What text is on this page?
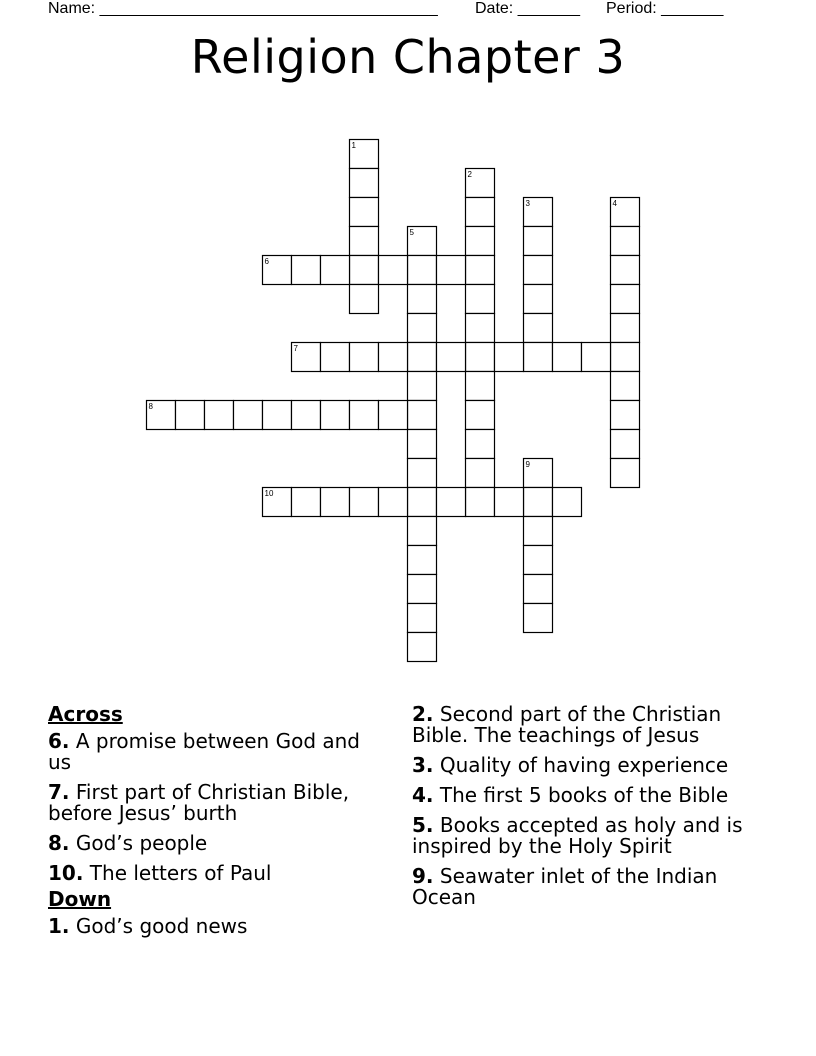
Name: ______________________________________ Date: _______ Period: _______
Religion Chapter 3
1
2
3	4
5
6
7
8
9
10
Across
6. A promise between God and us
7. First part of Christian Bible, before Jesus’ burth
8. God’s people
10. The letters of Paul
Down
1. God’s good news
2. Second part of the Christian Bible. The teachings of Jesus
3. Quality of having experience
4. The first 5 books of the Bible
5. Books accepted as holy and is inspired by the Holy Spirit
9. Seawater inlet of the Indian Ocean
